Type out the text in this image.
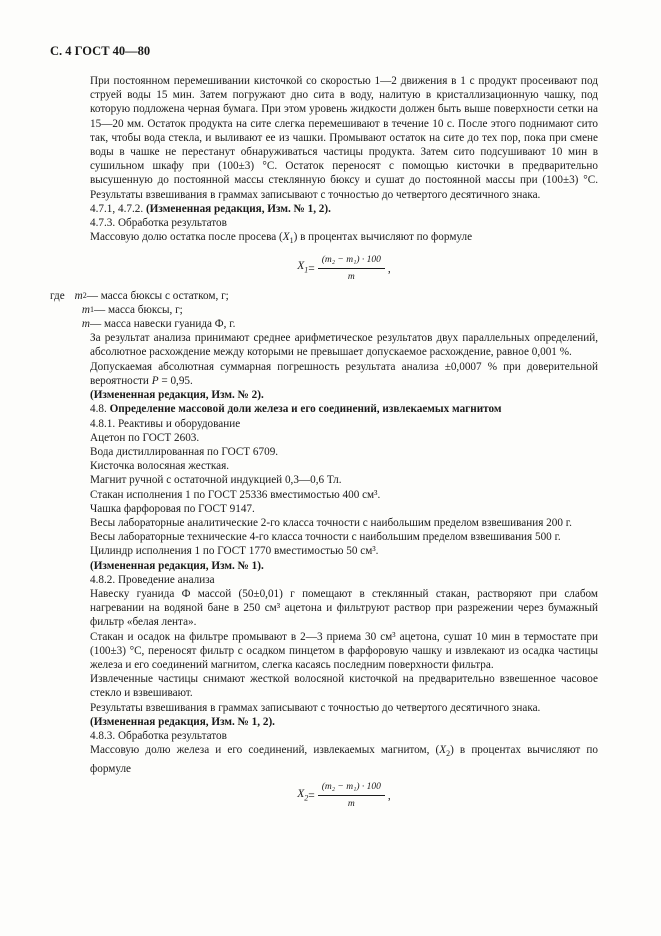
С. 4 ГОСТ 40—80

При постоянном перемешивании кисточкой со скоростью 1—2 движения в 1 с продукт просеивают под струей воды 15 мин. Затем погружают дно сита в воду, налитую в кристаллизационную чашку, под которую подложена черная бумага. При этом уровень жидкости должен быть выше поверхности сетки на 15—20 мм. Остаток продукта на сите слегка перемешивают в течение 10 с. После этого поднимают сито так, чтобы вода стекла, и выливают ее из чашки. Промывают остаток на сите до тех пор, пока при смене воды в чашке не перестанут обнаруживаться частицы продукта. Затем сито подсушивают 10 мин в сушильном шкафу при (100±3) °С. Остаток переносят с помощью кисточки в предварительно высушенную до постоянной массы стеклянную бюксу и сушат до постоянной массы при (100±3) °С. Результаты взвешивания в граммах записывают с точностью до четвертого десятичного знака.

4.7.1, 4.7.2. (Измененная редакция, Изм. № 1, 2).

4.7.3. Обработка результатов

Массовую долю остатка после просева $(X_1)$ в процентах вычисляют по формуле

$X_1 = \frac{\text{(m₂ − m₁) · 100}}{m}$ ,
где m 2 — масса бюксы с остатком, г;
m 1 — масса бюксы, г;
m — масса навески гуанида Ф, г.

За результат анализа принимают среднее арифметическое результатов двух параллельных определений, абсолютное расхождение между которыми не превышает допускаемое расхождение, равное 0,001 %.

Допускаемая абсолютная суммарная погрешность результата анализа ±0,0007 % при доверительной вероятности P = 0,95.

(Измененная редакция, Изм. № 2).

4.8. Определение массовой доли железа и его соединений, извлекаемых магнитом

4.8.1. Реактивы и оборудование

Ацетон по ГОСТ 2603.

Вода дистиллированная по ГОСТ 6709.

Кисточка волосяная жесткая.

Магнит ручной с остаточной индукцией 0,3—0,6 Тл.

Стакан исполнения 1 по ГОСТ 25336 вместимостью 400 см³.

Чашка фарфоровая по ГОСТ 9147.

Весы лабораторные аналитические 2-го класса точности с наибольшим пределом взвешивания 200 г.

Весы лабораторные технические 4-го класса точности с наибольшим пределом взвешивания 500 г.

Цилиндр исполнения 1 по ГОСТ 1770 вместимостью 50 см³.

(Измененная редакция, Изм. № 1).

4.8.2. Проведение анализа

Навеску гуанида Ф массой (50±0,01) г помещают в стеклянный стакан, растворяют при слабом нагревании на водяной бане в 250 см³ ацетона и фильтруют раствор при разрежении через бумажный фильтр «белая лента».

Стакан и осадок на фильтре промывают в 2—3 приема 30 см³ ацетона, сушат 10 мин в термостате при (100±3) °С, переносят фильтр с осадком пинцетом в фарфоровую чашку и извлекают из осадка частицы железа и его соединений магнитом, слегка касаясь последним поверхности фильтра.

Извлеченные частицы снимают жесткой волосяной кисточкой на предварительно взвешенное часовое стекло и взвешивают.

Результаты взвешивания в граммах записывают с точностью до четвертого десятичного знака.

(Измененная редакция, Изм. № 1, 2).

4.8.3. Обработка результатов

Массовую долю железа и его соединений, извлекаемых магнитом, $(X_2)$ в процентах вычисляют по формуле

$X_2 = \frac{\text{(m₂ − m₁) · 100}}{m}$ ,
